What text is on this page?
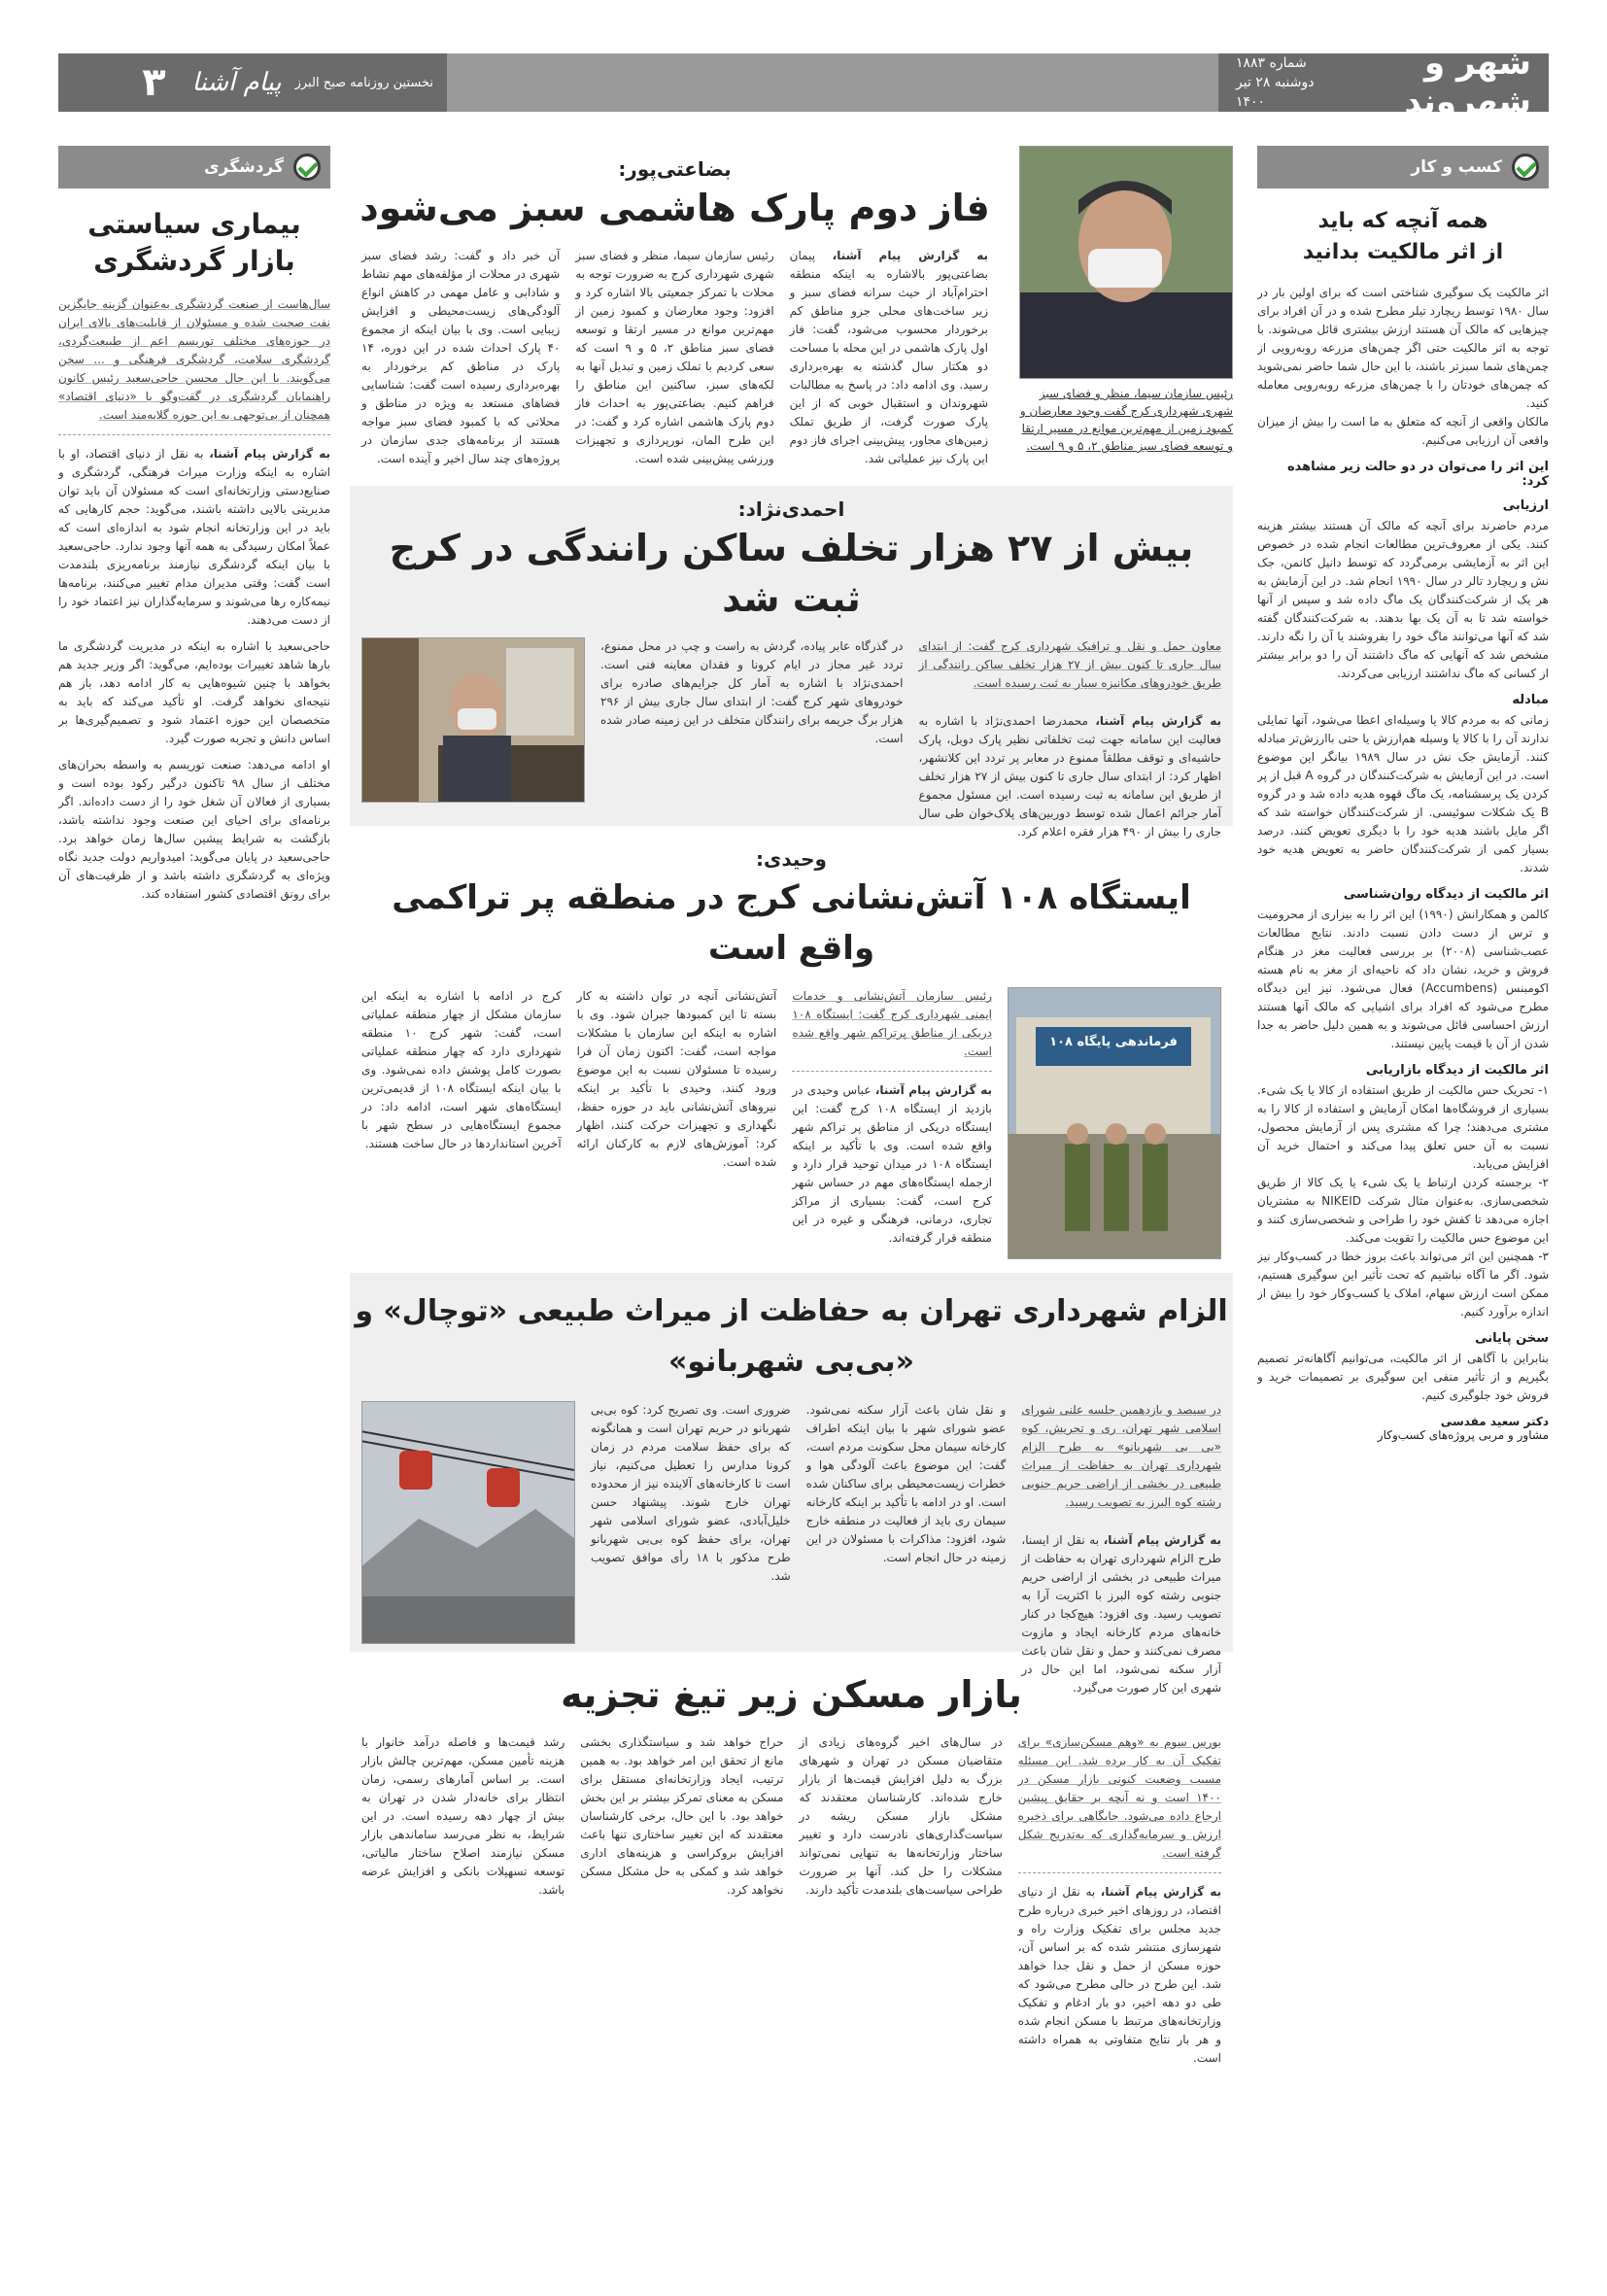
شهر و شهروند
شماره ۱۸۸۳
دوشنبه ۲۸ تیر ۱۴۰۰
نخستین روزنامه صبح البرز
پیام آشنا
۳
کسب و کار
همه آنچه که باید
از اثر مالکیت بدانید

اثر مالکیت یک سوگیری شناختی است که برای اولین بار در سال ۱۹۸۰ توسط ریچارد تیلر مطرح شده و در آن افراد برای چیزهایی که مالک آن هستند ارزش بیشتری قائل می‌شوند. با توجه به اثر مالکیت حتی اگر چمن‌های مزرعه روبه‌رویی از چمن‌های شما سبزتر باشند، با این حال شما حاضر نمی‌شوید که چمن‌های خودتان را با چمن‌های مزرعه روبه‌رویی معامله کنید.

مالکان واقعی از آنچه که متعلق به ما است را بیش از میزان واقعی آن ارزیابی می‌کنیم.

این اثر را می‌توان در دو حالت زیر مشاهده کرد:
ارزیابی

مردم حاضرند برای آنچه که مالک آن هستند بیشتر هزینه کنند. یکی از معروف‌ترین مطالعات انجام شده در خصوص این اثر به آزمایشی برمی‌گردد که توسط دانیل کانمن، جک نش و ریچارد تالر در سال ۱۹۹۰ انجام شد. در این آزمایش به هر یک از شرکت‌کنندگان یک ماگ داده شد و سپس از آنها خواسته شد تا به آن یک بها بدهند. به شرکت‌کنندگان گفته شد که آنها می‌توانند ماگ خود را بفروشند یا آن را نگه دارند. مشخص شد که آنهایی که ماگ داشتند آن را دو برابر بیشتر از کسانی که ماگ نداشتند ارزیابی می‌کردند.

مبادله

زمانی که به مردم کالا یا وسیله‌ای اعطا می‌شود، آنها تمایلی ندارند آن را با کالا یا وسیله هم‌ارزش یا حتی باارزش‌تر مبادله کنند. آزمایش جک نش در سال ۱۹۸۹ بیانگر این موضوع است. در این آزمایش به شرکت‌کنندگان در گروه A قبل از پر کردن یک پرسشنامه، یک ماگ قهوه هدیه داده شد و در گروه B یک شکلات سوئیسی. از شرکت‌کنندگان خواسته شد که اگر مایل باشند هدیه خود را با دیگری تعویض کنند. درصد بسیار کمی از شرکت‌کنندگان حاضر به تعویض هدیه خود شدند.

اثر مالکیت از دیدگاه روان‌شناسی

کالمن و همکارانش (۱۹۹۰) این اثر را به بیزاری از محرومیت و ترس از دست دادن نسبت دادند. نتایج مطالعات عصب‌شناسی (۲۰۰۸) بر بررسی فعالیت مغز در هنگام فروش و خرید، نشان داد که ناحیه‌ای از مغز به نام هسته اکومبنس (Accumbens) فعال می‌شود. نیز این دیدگاه مطرح می‌شود که افراد برای اشیایی که مالک آنها هستند ارزش احساسی قائل می‌شوند و به همین دلیل حاضر به جدا شدن از آن با قیمت پایین نیستند.

اثر مالکیت از دیدگاه بازاریابی

۱- تحریک حس مالکیت از طریق استفاده از کالا یا یک شیء. بسیاری از فروشگاه‌ها امکان آزمایش و استفاده از کالا را به مشتری می‌دهند؛ چرا که مشتری پس از آزمایش محصول، نسبت به آن حس تعلق پیدا می‌کند و احتمال خرید آن افزایش می‌یابد.

۲- برجسته کردن ارتباط یا یک شیء یا یک کالا از طریق شخصی‌سازی. به‌عنوان مثال شرکت NIKEID به مشتریان اجازه می‌دهد تا کفش خود را طراحی و شخصی‌سازی کنند و این موضوع حس مالکیت را تقویت می‌کند.

۳- همچنین این اثر می‌تواند باعث بروز خطا در کسب‌وکار نیز شود. اگر ما آگاه نباشیم که تحت تأثیر این سوگیری هستیم، ممکن است ارزش سهام، املاک یا کسب‌وکار خود را بیش از اندازه برآورد کنیم.

سخن پایانی

بنابراین با آگاهی از اثر مالکیت، می‌توانیم آگاهانه‌تر تصمیم بگیریم و از تأثیر منفی این سوگیری بر تصمیمات خرید و فروش خود جلوگیری کنیم.

دکتر سعید مقدسی
مشاور و مربی پروژه‌های کسب‌وکار
گردشگری
بیماری سیاستی
بازار گردشگری

سال‌هاست از صنعت گردشگری به‌عنوان گزینه جایگزین نفت صحبت شده و مسئولان از قابلیت‌های بالای ایران در حوزه‌های مختلف توریسم اعم از طبیعت‌گردی، گردشگری سلامت، گردشگری فرهنگی و ... سخن می‌گویند. با این حال محسن حاجی‌سعید رئیس کانون راهنمایان گردشگری در گفت‌وگو با «دنیای اقتصاد» همچنان از بی‌توجهی به این حوزه گلایه‌مند است.

به گزارش پیام آشنا، به نقل از دنیای اقتصاد، او با اشاره به اینکه وزارت میراث فرهنگی، گردشگری و صنایع‌دستی وزارتخانه‌ای است که مسئولان آن باید توان مدیریتی بالایی داشته باشند، می‌گوید: حجم کارهایی که باید در این وزارتخانه انجام شود به اندازه‌ای است که عملاً امکان رسیدگی به همه آنها وجود ندارد. حاجی‌سعید با بیان اینکه گردشگری نیازمند برنامه‌ریزی بلندمدت است گفت: وقتی مدیران مدام تغییر می‌کنند، برنامه‌ها نیمه‌کاره رها می‌شوند و سرمایه‌گذاران نیز اعتماد خود را از دست می‌دهند.

حاجی‌سعید با اشاره به اینکه در مدیریت گردشگری ما بارها شاهد تغییرات بوده‌ایم، می‌گوید: اگر وزیر جدید هم بخواهد با چنین شیوه‌هایی به کار ادامه دهد، باز هم نتیجه‌ای نخواهد گرفت. او تأکید می‌کند که باید به متخصصان این حوزه اعتماد شود و تصمیم‌گیری‌ها بر اساس دانش و تجربه صورت گیرد.

او ادامه می‌دهد: صنعت توریسم به واسطه بحران‌های مختلف از سال ۹۸ تاکنون درگیر رکود بوده است و بسیاری از فعالان آن شغل خود را از دست داده‌اند. اگر برنامه‌ای برای احیای این صنعت وجود نداشته باشد، بازگشت به شرایط پیشین سال‌ها زمان خواهد برد. حاجی‌سعید در پایان می‌گوید: امیدواریم دولت جدید نگاه ویژه‌ای به گردشگری داشته باشد و از ظرفیت‌های آن برای رونق اقتصادی کشور استفاده کند.

رئیس سازمان سیما، منظر و فضای سبز شهری شهرداری کرج گفت وجود معارضان و کمبود زمین از مهم‌ترین موانع در مسیر ارتقا و توسعه فضای سبز مناطق ۲، ۵ و ۹ است.
بضاعتی‌پور:
فاز دوم پارک هاشمی سبز می‌شود

به گزارش پیام آشنا، پیمان بضاعتی‌پور بالاشاره به اینکه منطقه احترام‌آباد از حیث سرانه فضای سبز و زیر ساخت‌های محلی جزو مناطق کم برخوردار محسوب می‌شود، گفت: فاز اول پارک هاشمی در این محله با مساحت دو هکتار سال گذشته به بهره‌برداری رسید. وی ادامه داد: در پاسخ به مطالبات شهروندان و استقبال خوبی که از این پارک صورت گرفت، از طریق تملک زمین‌های مجاور، پیش‌بینی اجرای فاز دوم این پارک نیز عملیاتی شد.

رئیس سازمان سیما، منظر و فضای سبز شهری شهرداری کرج به ضرورت توجه به محلات با تمرکز جمعیتی بالا اشاره کرد و افزود: وجود معارضان و کمبود زمین از مهم‌ترین موانع در مسیر ارتقا و توسعه فضای سبز مناطق ۲، ۵ و ۹ است که سعی کردیم با تملک زمین و تبدیل آنها به لکه‌های سبز، ساکنین این مناطق را فراهم کنیم. بضاعتی‌پور به احداث فاز دوم پارک هاشمی اشاره کرد و گفت: در این طرح المان، نورپردازی و تجهیزات ورزشی پیش‌بینی شده است.

آن خبر داد و گفت: رشد فضای سبز شهری در محلات از مؤلفه‌های مهم نشاط و شادابی و عامل مهمی در کاهش انواع آلودگی‌های زیست‌محیطی و افزایش زیبایی است. وی با بیان اینکه از مجموع ۴۰ پارک احداث شده در این دوره، ۱۴ پارک در مناطق کم برخوردار به بهره‌برداری رسیده است گفت: شناسایی فضاهای مستعد به ویژه در مناطق و محلاتی که با کمبود فضای سبز مواجه هستند از برنامه‌های جدی سازمان در پروژه‌های چند سال اخیر و آینده است.

احمدی‌نژاد:
بیش از ۲۷ هزار تخلف ساکن رانندگی در کرج ثبت شد

معاون حمل و نقل و ترافیک شهرداری کرج گفت: از ابتدای سال جاری تا کنون بیش از ۲۷ هزار تخلف ساکن رانندگی از طریق خودروهای مکانیزه سیار به ثبت رسیده است.

به گزارش پیام آشنا، محمدرضا احمدی‌نژاد با اشاره به فعالیت این سامانه جهت ثبت تخلفاتی نظیر پارک دوبل، پارک حاشیه‌ای و توقف مطلقاً ممنوع در معابر پر تردد این کلانشهر، اظهار کرد: از ابتدای سال جاری تا کنون بیش از ۲۷ هزار تخلف از طریق این سامانه به ثبت رسیده است. این مسئول مجموع آمار جرائم اعمال شده توسط دوربین‌های پلاک‌خوان طی سال جاری را بیش از ۴۹۰ هزار فقره اعلام کرد.

در گذرگاه عابر پیاده، گردش به راست و چپ در محل ممنوع، تردد غیر مجاز در ایام کرونا و فقدان معاینه فنی است. احمدی‌نژاد با اشاره به آمار کل جرایم‌های صادره برای خودروهای شهر کرج گفت: از ابتدای سال جاری بیش از ۲۹۶ هزار برگ جریمه برای رانندگان متخلف در این زمینه صادر شده است.

وحیدی:
ایستگاه ۱۰۸ آتش‌نشانی کرج در منطقه پر تراکمی واقع است
فرماندهی پایگاه ۱۰۸

رئیس سازمان آتش‌نشانی و خدمات ایمنی شهرداری کرج گفت: ایستگاه ۱۰۸ دریکی از مناطق پرتراکم شهر واقع شده است.

به گزارش پیام آشنا، عباس وحیدی در بازدید از ایستگاه ۱۰۸ کرج گفت: این ایستگاه دریکی از مناطق پر تراکم شهر واقع شده است. وی با تأکید بر اینکه ایستگاه ۱۰۸ در میدان توحید قرار دارد و ازجمله ایستگاه‌های مهم در حساس شهر کرج است، گفت: بسیاری از مراکز تجاری، درمانی، فرهنگی و غیره در این منطقه قرار گرفته‌اند.

آتش‌نشانی آنچه در توان داشته به کار بسته تا این کمبودها جبران شود. وی با اشاره به اینکه این سازمان با مشکلات مواجه است، گفت: اکنون زمان آن فرا رسیده تا مسئولان نسبت به این موضوع ورود کنند. وحیدی با تأکید بر اینکه نیروهای آتش‌نشانی باید در حوزه حفظ، نگهداری و تجهیزات حرکت کنند، اظهار کرد: آموزش‌های لازم به کارکنان ارائه شده است.

کرج در ادامه با اشاره به اینکه این سازمان مشکل از چهار منطقه عملیاتی است، گفت: شهر کرج ۱۰ منطقه شهرداری دارد که چهار منطقه عملیاتی بصورت کامل پوشش داده نمی‌شود. وی با بیان اینکه ایستگاه ۱۰۸ از قدیمی‌ترین ایستگاه‌های شهر است، ادامه داد: در مجموع ایستگاه‌هایی در سطح شهر با آخرین استانداردها در حال ساخت هستند.

الزام شهرداری تهران به حفاظت از میراث طبیعی «توچال» و «بی‌بی شهربانو»

در سیصد و بازدهمین جلسه علنی شورای اسلامی شهر تهران، ری و تجریش، کوه «بی بی شهربانو» به طرح الزام شهرداری تهران به حفاظت از میراث طبیعی در بخشی از اراضی حریم جنوبی رشته کوه البرز به تصویب رسید.

به گزارش پیام آشنا، به نقل از ایسنا، طرح الزام شهرداری تهران به حفاظت از میراث طبیعی در بخشی از اراضی حریم جنوبی رشته کوه البرز با اکثریت آرا به تصویب رسید. وی افزود: هیچ‌کجا در کنار خانه‌های مردم کارخانه ایجاد و مازوت مصرف نمی‌کنند و حمل و نقل شان باعث آزار سکنه نمی‌شود، اما این حال در شهری این کار صورت می‌گیرد.

و نقل شان باعث آزار سکنه نمی‌شود. عضو شورای شهر با بیان اینکه اطراف کارخانه سیمان محل سکونت مردم است، گفت: این موضوع باعث آلودگی هوا و خطرات زیست‌محیطی برای ساکنان شده است. او در ادامه با تأکید بر اینکه کارخانه سیمان ری باید از فعالیت در منطقه خارج شود، افزود: مذاکرات با مسئولان در این زمینه در حال انجام است.

ضروری است. وی تصریح کرد: کوه بی‌بی شهربانو در حریم تهران است و همانگونه که برای حفظ سلامت مردم در زمان کرونا مدارس را تعطیل می‌کنیم، نیاز است تا کارخانه‌های آلاینده نیز از محدوده تهران خارج شوند. پیشنهاد حسن خلیل‌آبادی، عضو شورای اسلامی شهر تهران، برای حفظ کوه بی‌بی شهربانو طرح مذکور با ۱۸ رأی موافق تصویب شد.

بازار مسکن زیر تیغ تجزیه

بورس سوم به «وهم مسکن‌سازی» برای تفکیک آن به کار برده شد. این مسئله مسبب وضعیت کنونی بازار مسکن در ۱۴۰۰ است و نه آنچه بر حقایق پیشین ارجاع داده می‌شود. جایگاهی برای ذخیره ارزش و سرمایه‌گذاری که به‌تدریج شکل گرفته است.

به گزارش پیام آشنا، به نقل از دنیای اقتصاد، در روزهای اخیر خبری درباره طرح جدید مجلس برای تفکیک وزارت راه و شهرسازی منتشر شده که بر اساس آن، حوزه مسکن از حمل و نقل جدا خواهد شد. این طرح در حالی مطرح می‌شود که طی دو دهه اخیر، دو بار ادغام و تفکیک وزارتخانه‌های مرتبط با مسکن انجام شده و هر بار نتایج متفاوتی به همراه داشته است.

در سال‌های اخیر گروه‌های زیادی از متقاضیان مسکن در تهران و شهرهای بزرگ به دلیل افزایش قیمت‌ها از بازار خارج شده‌اند. کارشناسان معتقدند که مشکل بازار مسکن ریشه در سیاست‌گذاری‌های نادرست دارد و تغییر ساختار وزارتخانه‌ها به تنهایی نمی‌تواند مشکلات را حل کند. آنها بر ضرورت طراحی سیاست‌های بلندمدت تأکید دارند.

حراج خواهد شد و سیاستگذاری بخشی مانع از تحقق این امر خواهد بود. به همین ترتیب، ایجاد وزارتخانه‌ای مستقل برای مسکن به معنای تمرکز بیشتر بر این بخش خواهد بود. با این حال، برخی کارشناسان معتقدند که این تغییر ساختاری تنها باعث افزایش بروکراسی و هزینه‌های اداری خواهد شد و کمکی به حل مشکل مسکن نخواهد کرد.

رشد قیمت‌ها و فاصله درآمد خانوار با هزینه تأمین مسکن، مهم‌ترین چالش بازار است. بر اساس آمارهای رسمی، زمان انتظار برای خانه‌دار شدن در تهران به بیش از چهار دهه رسیده است. در این شرایط، به نظر می‌رسد ساماندهی بازار مسکن نیازمند اصلاح ساختار مالیاتی، توسعه تسهیلات بانکی و افزایش عرضه باشد.
